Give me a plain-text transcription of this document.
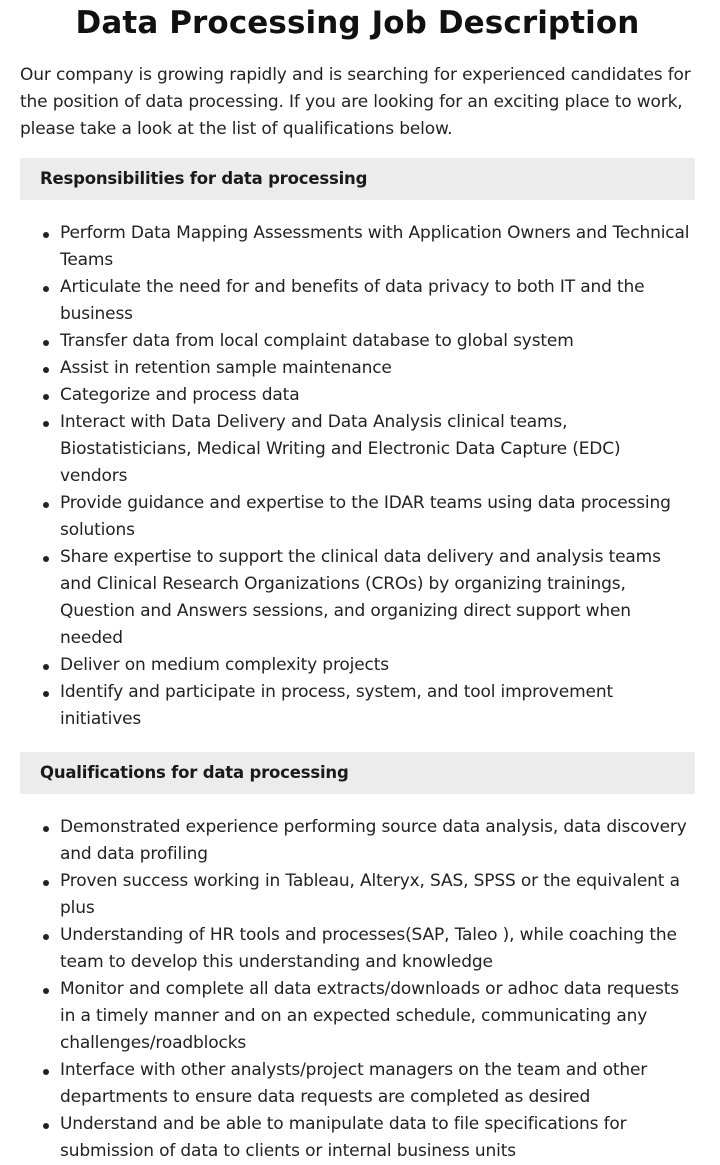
Data Processing Job Description

Our company is growing rapidly and is searching for experienced candidates for the position of data processing. If you are looking for an exciting place to work, please take a look at the list of qualifications below.

Responsibilities for data processing
Perform Data Mapping Assessments with Application Owners and Technical Teams
Articulate the need for and benefits of data privacy to both IT and the business
Transfer data from local complaint database to global system
Assist in retention sample maintenance
Categorize and process data
Interact with Data Delivery and Data Analysis clinical teams, Biostatisticians, Medical Writing and Electronic Data Capture (EDC) vendors
Provide guidance and expertise to the IDAR teams using data processing solutions
Share expertise to support the clinical data delivery and analysis teams and Clinical Research Organizations (CROs) by organizing trainings, Question and Answers sessions, and organizing direct support when needed
Deliver on medium complexity projects
Identify and participate in process, system, and tool improvement initiatives
Qualifications for data processing
Demonstrated experience performing source data analysis, data discovery and data profiling
Proven success working in Tableau, Alteryx, SAS, SPSS or the equivalent a plus
Understanding of HR tools and processes(SAP, Taleo ), while coaching the team to develop this understanding and knowledge
Monitor and complete all data extracts/downloads or adhoc data requests in a timely manner and on an expected schedule, communicating any challenges/roadblocks
Interface with other analysts/project managers on the team and other departments to ensure data requests are completed as desired
Understand and be able to manipulate data to file specifications for submission of data to clients or internal business units
